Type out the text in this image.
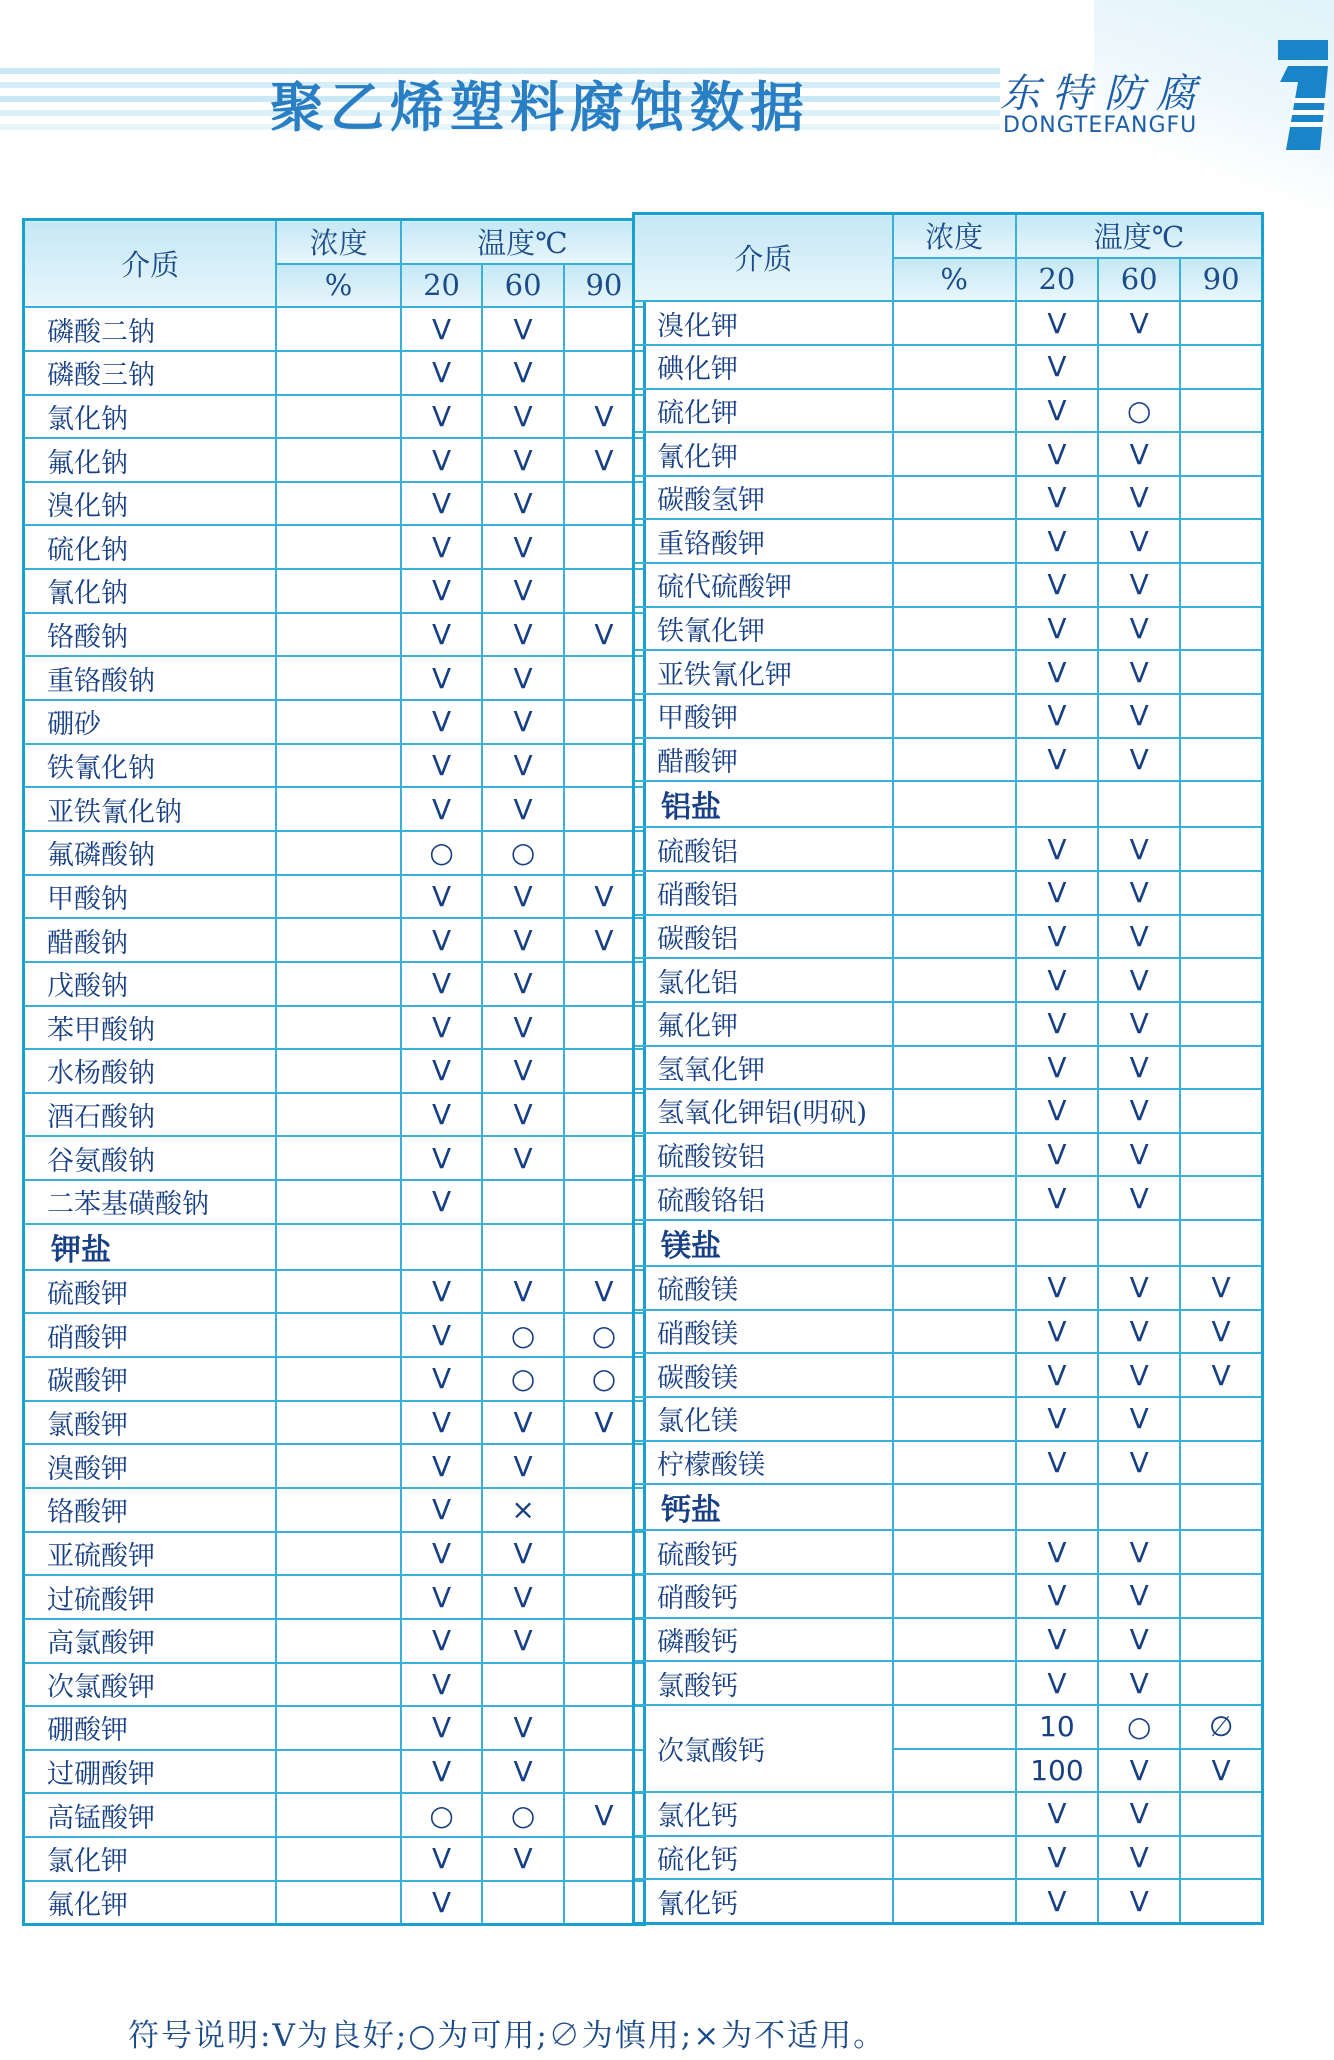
聚乙烯塑料腐蚀数据	东特防腐
DONGTEFANGFU
介质	浓度	温度℃		
	%	20	60	90
磷酸二钠		V	V	
磷酸三钠		V	V	
氯化钠		V	V	V
氟化钠		V	V	V
溴化钠		V	V	
硫化钠		V	V	
氰化钠		V	V	
铬酸钠		V	V	V
重铬酸钠		V	V	
硼砂		V	V	
铁氰化钠		V	V	
亚铁氰化钠		V	V	
氟磷酸钠		○	○	
甲酸钠		V	V	V
醋酸钠		V	V	V
戊酸钠		V	V	
苯甲酸钠		V	V	
水杨酸钠		V	V	
酒石酸钠		V	V	
谷氨酸钠		V	V	
二苯基磺酸钠		V		
钾盐				
硫酸钾		V	V	V
硝酸钾		V	○	○
碳酸钾		V	○	○
氯酸钾		V	V	V
溴酸钾		V	V	
铬酸钾		V	×	
亚硫酸钾		V	V	
过硫酸钾		V	V	
高氯酸钾		V	V	
次氯酸钾		V		
硼酸钾		V	V	
过硼酸钾		V	V	
高锰酸钾		○	○	V
氯化钾		V	V	
氟化钾		V		
介质	浓度	温度℃		
	%	20	60	90
溴化钾		V	V	
碘化钾		V		
硫化钾		V	○	
氰化钾		V	V	
碳酸氢钾		V	V	
重铬酸钾		V	V	
硫代硫酸钾		V	V	
铁氰化钾		V	V	
亚铁氰化钾		V	V	
甲酸钾		V	V	
醋酸钾		V	V	
铝盐				
硫酸铝		V	V	
硝酸铝		V	V	
碳酸铝		V	V	
氯化铝		V	V	
氟化钾		V	V	
氢氧化钾		V	V	
氢氧化钾铝(明矾)		V	V	
硫酸铵铝		V	V	
硫酸铬铝		V	V	
镁盐				
硫酸镁		V	V	V
硝酸镁		V	V	V
碳酸镁		V	V	V
氯化镁		V	V	
柠檬酸镁		V	V	
钙盐				
硫酸钙		V	V	
硝酸钙		V	V	
磷酸钙		V	V	
氯酸钙		V	V	
次氯酸钙		10	○	∅
		100	V	V
氯化钙		V	V	
硫化钙		V	V	
氰化钙		V	V	
符号说明:V为良好;○为可用;∅为慎用;×为不适用。
